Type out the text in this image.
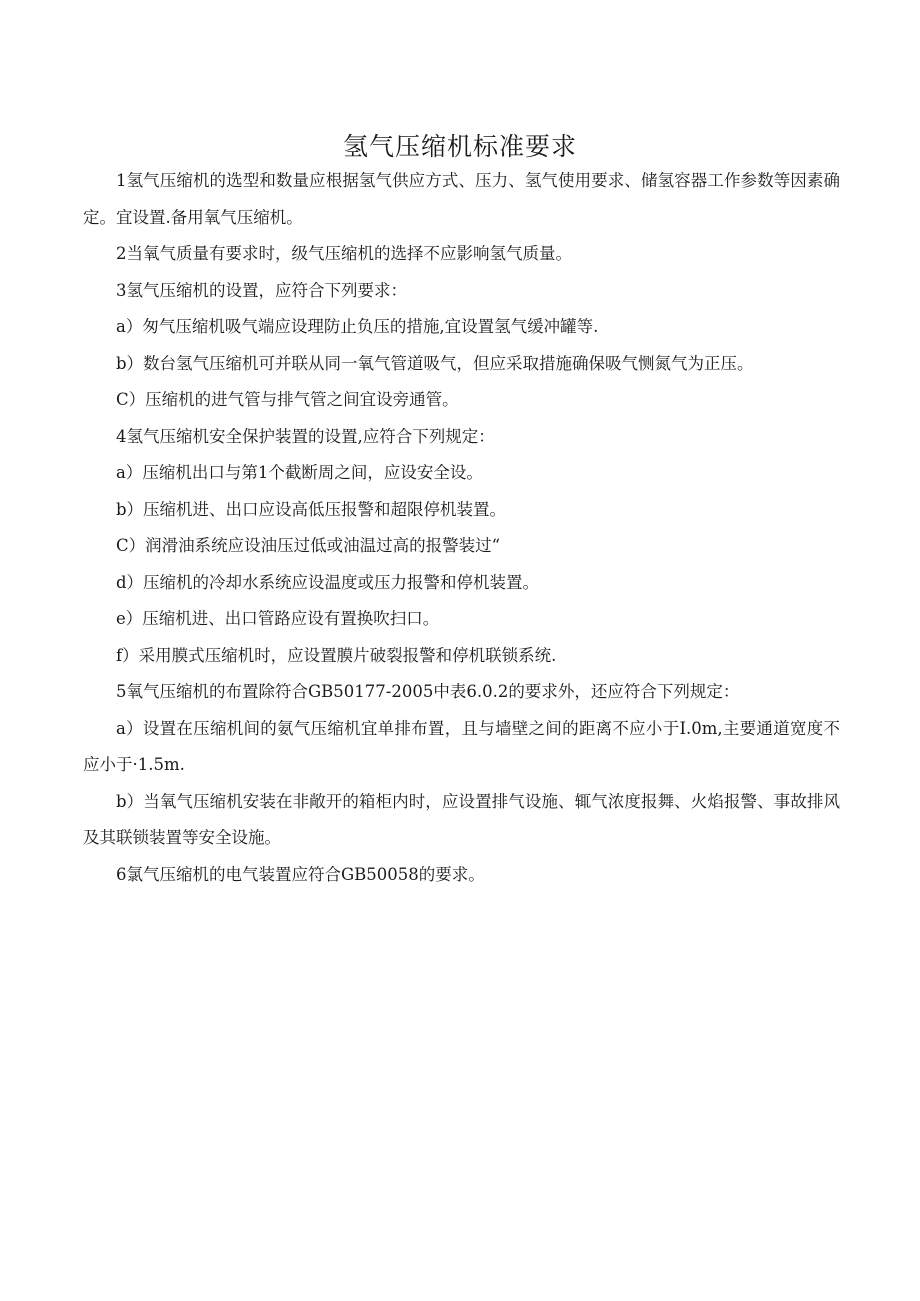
氢气压缩机标准要求

1氢气压缩机的选型和数量应根据氢气供应方式、压力、氢气使用要求、储氢容器工作参数等因素确定。宜设置.备用氧气压缩机。

2当氧气质量有要求时，级气压缩机的选择不应影响氢气质量。

3氢气压缩机的设置，应符合下列要求：

a）匆气压缩机吸气端应设理防止负压的措施,宜设置氢气缓冲罐等.

b）数台氢气压缩机可并联从同一氧气管道吸气，但应采取措施确保吸气恻氮气为正压。

C）压缩机的进气管与排气管之间宜设旁通管。

4氢气压缩机安全保护装置的设置,应符合下列规定：

a）压缩机出口与第1个截断周之间，应设安全设。

b）压缩机进、出口应设高低压报警和超限停机装置。

C）润滑油系统应设油压过低或油温过高的报警装过“

d）压缩机的冷却水系统应设温度或压力报警和停机装置。

e）压缩机进、出口管路应设有置换吹扫口。

f）采用膜式压缩机时，应设置膜片破裂报警和停机联锁系统.

5氧气压缩机的布置除符合GB50177-2005中表6.0.2的要求外，还应符合下列规定：

a）设置在压缩机间的氨气压缩机宜单排布置，且与墙壁之间的距离不应小于I.0m,主要通道宽度不应小于·1.5m.

b）当氧气压缩机安装在非敞开的箱柜内时，应设置排气设施、辄气浓度报舞、火焰报警、事故排风及其联锁装置等安全设施。

6氯气压缩机的电气装置应符合GB50058的要求。
